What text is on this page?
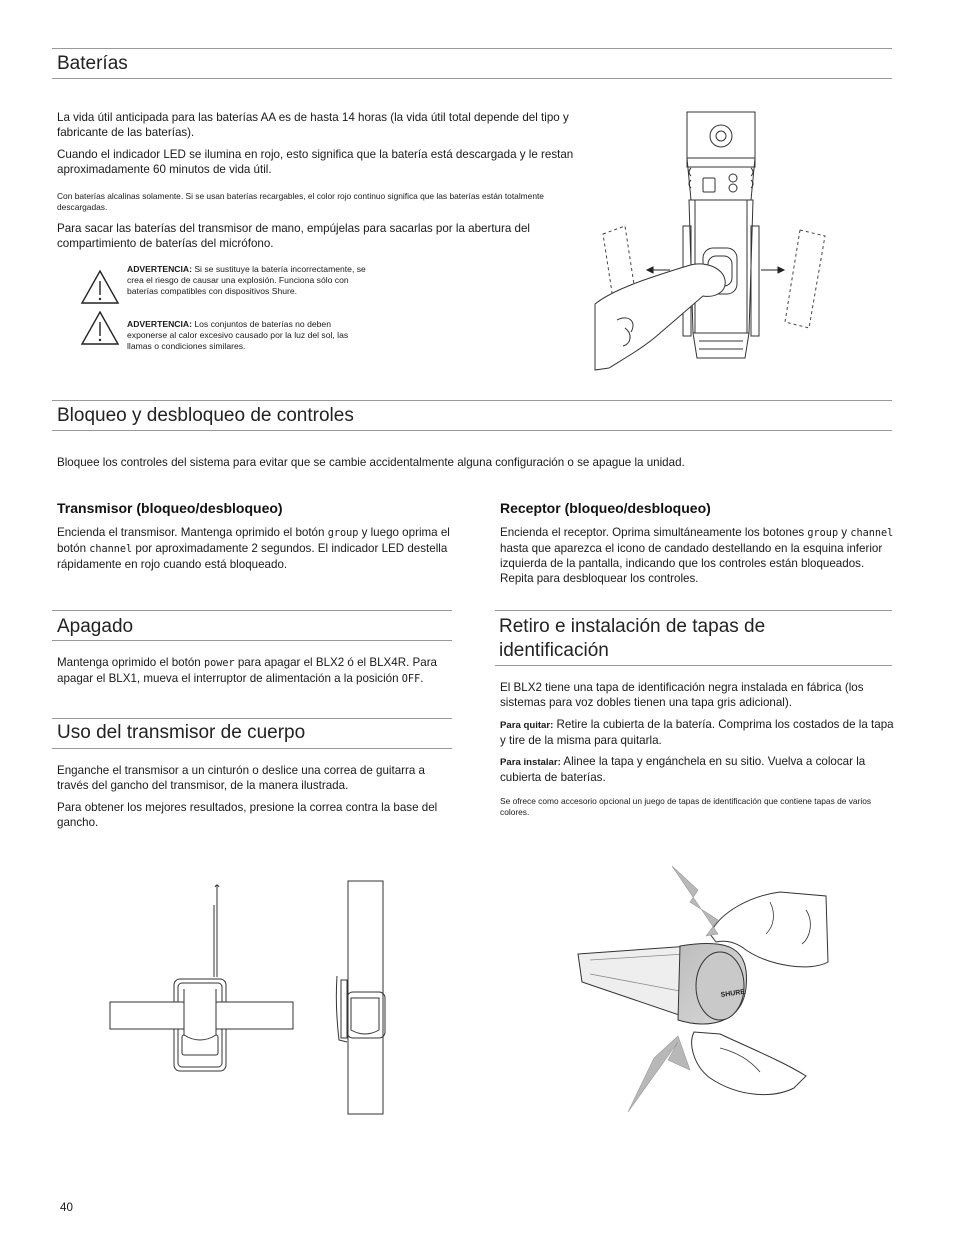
Baterías

La vida útil anticipada para las baterías AA es de hasta 14 horas (la vida útil total depende del tipo y fabricante de las baterías).

Cuando el indicador LED se ilumina en rojo, esto significa que la batería está descargada y le restan aproximadamente 60 minutos de vida útil.

Con baterías alcalinas solamente. Si se usan baterías recargables, el color rojo continuo significa que las baterías están totalmente descargadas.

Para sacar las baterías del transmisor de mano, empújelas para sacarlas por la abertura del compartimiento de baterías del micrófono.

ADVERTENCIA: Si se sustituye la batería incorrectamente, se crea el riesgo de causar una explosión. Funciona sólo con baterías compatibles con dispositivos Shure.

ADVERTENCIA: Los conjuntos de baterías no deben exponerse al calor excesivo causado por la luz del sol, las llamas o condiciones similares.

Bloqueo y desbloqueo de controles

Bloquee los controles del sistema para evitar que se cambie accidentalmente alguna configuración o se apague la unidad.

Transmisor (bloqueo/desbloqueo)

Encienda el transmisor. Mantenga oprimido el botón group y luego oprima el botón channel por aproximadamente 2 segundos. El indicador LED destella rápidamente en rojo cuando está bloqueado.

Receptor (bloqueo/desbloqueo)

Encienda el receptor. Oprima simultáneamente los botones group y channel hasta que aparezca el icono de candado destellando en la esquina inferior izquierda de la pantalla, indicando que los controles están bloqueados. Repita para desbloquear los controles.

Apagado

Mantenga oprimido el botón power para apagar el BLX2 ó el BLX4R. Para apagar el BLX1, mueva el interruptor de alimentación a la posición OFF.

Uso del transmisor de cuerpo

Enganche el transmisor a un cinturón o deslice una correa de guitarra a través del gancho del transmisor, de la manera ilustrada.

Para obtener los mejores resultados, presione la correa contra la base del gancho.

Retiro e instalación de tapas de
identificación

El BLX2 tiene una tapa de identificación negra instalada en fábrica (los sistemas para voz dobles tienen una tapa gris adicional).

Para quitar: Retire la cubierta de la batería. Comprima los costados de la tapa y tire de la misma para quitarla.

Para instalar: Alinee la tapa y engánchela en su sitio. Vuelva a colocar la cubierta de baterías.

Se ofrece como accesorio opcional un juego de tapas de identificación que contiene tapas de varios colores.

SHURE

40
